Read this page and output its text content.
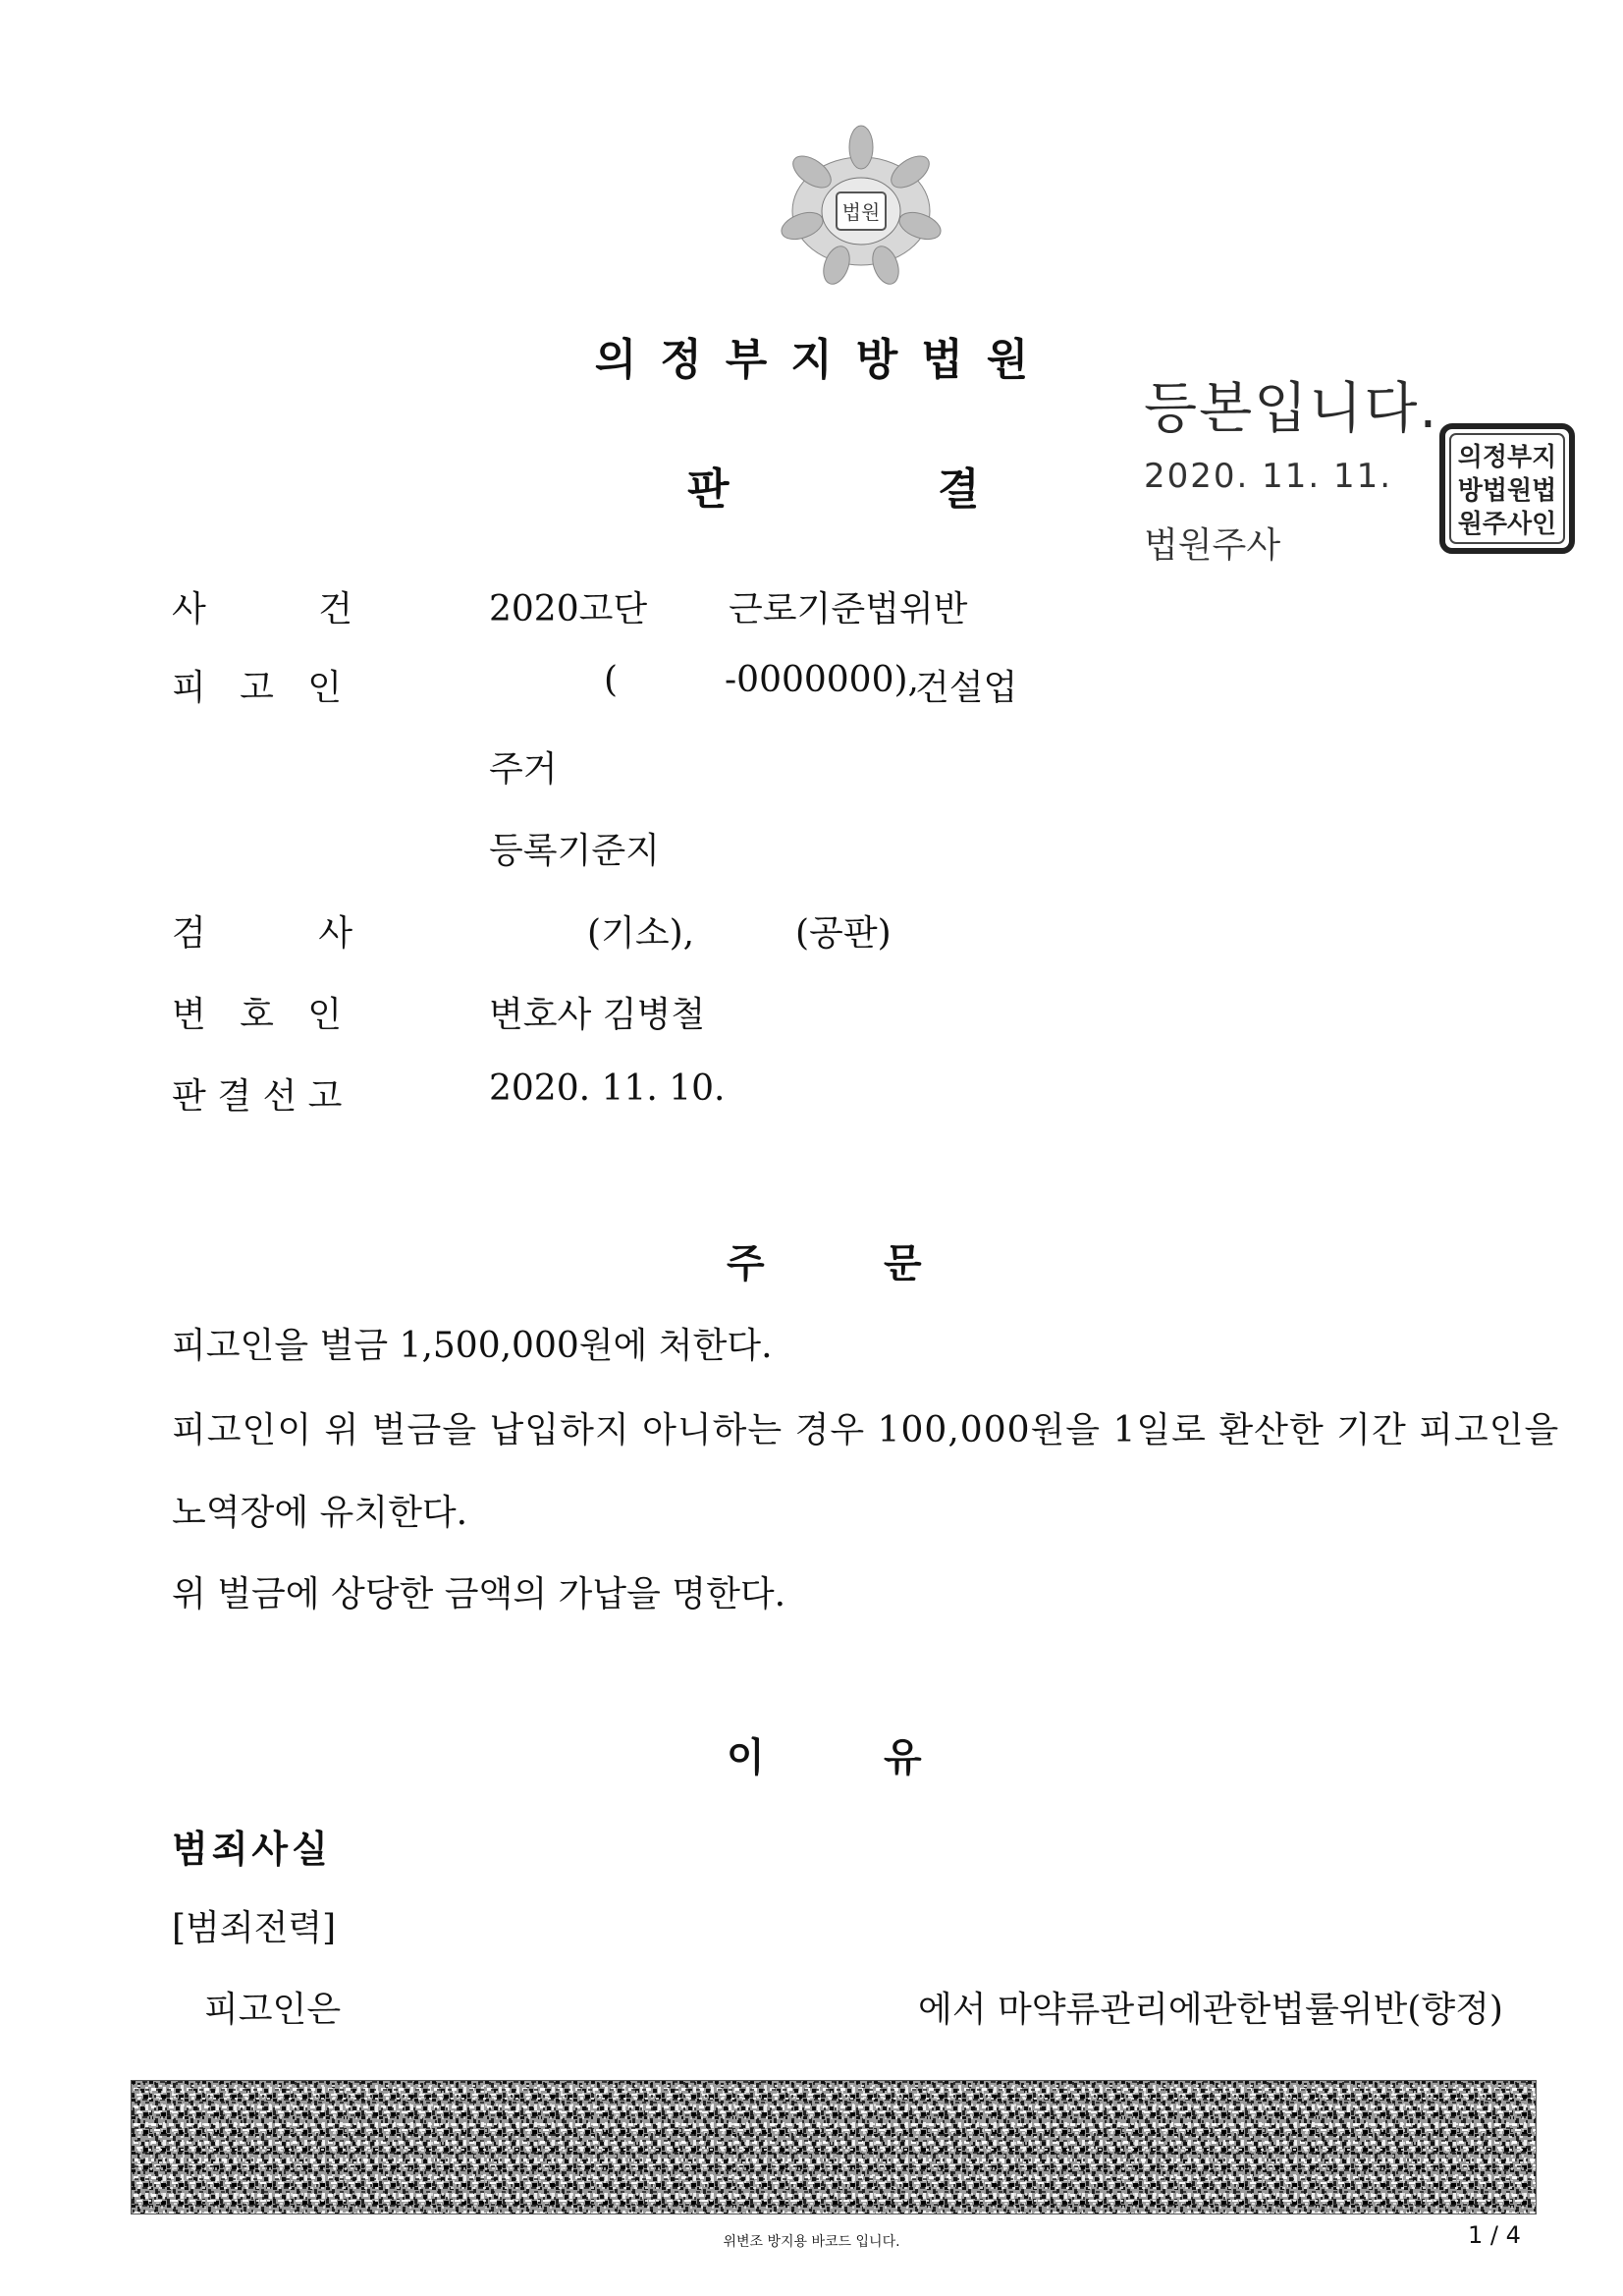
법원
의정부지방법원
판	결
등본입니다.
2020. 11. 11.
법원주사
의정부지
방법원법
원주사인
사          건	2020고단 근로기준법위반
피   고   인	(	-0000000),
건설업
주거
등록기준지
검          사	(기소),	(공판)
변   호   인	변호사 김병철
판 결 선 고	2020. 11. 10.
주	문
피고인을 벌금 1,500,000원에 처한다.
피고인이 위 벌금을 납입하지 아니하는 경우 100,000원을 1일로 환산한 기간 피고인을
노역장에 유치한다.
위 벌금에 상당한 금액의 가납을 명한다.
이	유
범죄사실
[범죄전력]
피고인은	에서 마약류관리에관한법률위반(향정)
위변조 방지용 바코드 입니다.	1 / 4
